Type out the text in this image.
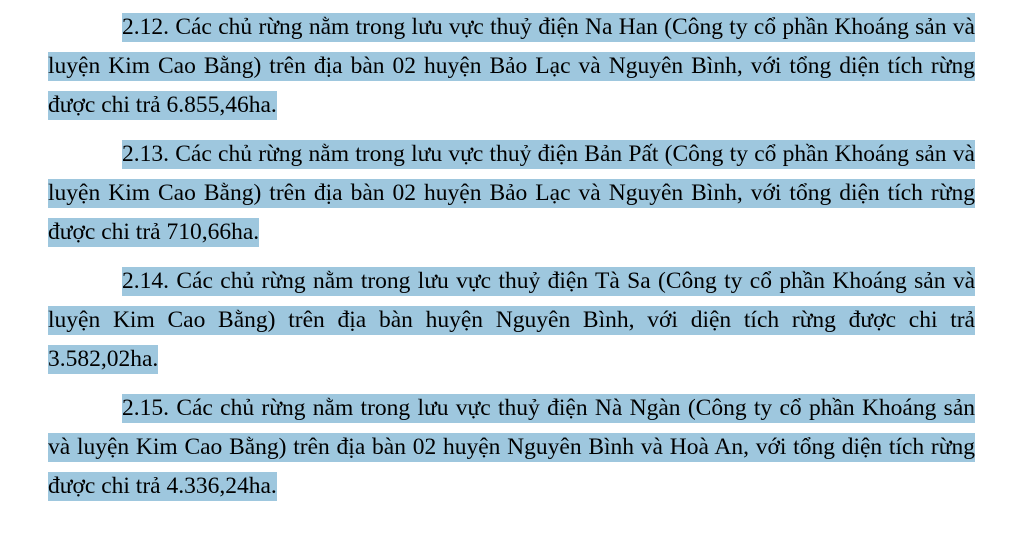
2.12. Các chủ rừng nằm trong lưu vực thuỷ điện Na Han (Công ty cổ phần Khoáng sản và luyện Kim Cao Bằng) trên địa bàn 02 huyện Bảo Lạc và Nguyên Bình, với tổng diện tích rừng được chi trả 6.855,46ha.

2.13. Các chủ rừng nằm trong lưu vực thuỷ điện Bản Pất (Công ty cổ phần Khoáng sản và luyện Kim Cao Bằng) trên địa bàn 02 huyện Bảo Lạc và Nguyên Bình, với tổng diện tích rừng được chi trả 710,66ha.

2.14. Các chủ rừng nằm trong lưu vực thuỷ điện Tà Sa (Công ty cổ phần Khoáng sản và luyện Kim Cao Bằng) trên địa bàn huyện Nguyên Bình, với diện tích rừng được chi trả 3.582,02ha.

2.15. Các chủ rừng nằm trong lưu vực thuỷ điện Nà Ngàn (Công ty cổ phần Khoáng sản và luyện Kim Cao Bằng) trên địa bàn 02 huyện Nguyên Bình và Hoà An, với tổng diện tích rừng được chi trả 4.336,24ha.
